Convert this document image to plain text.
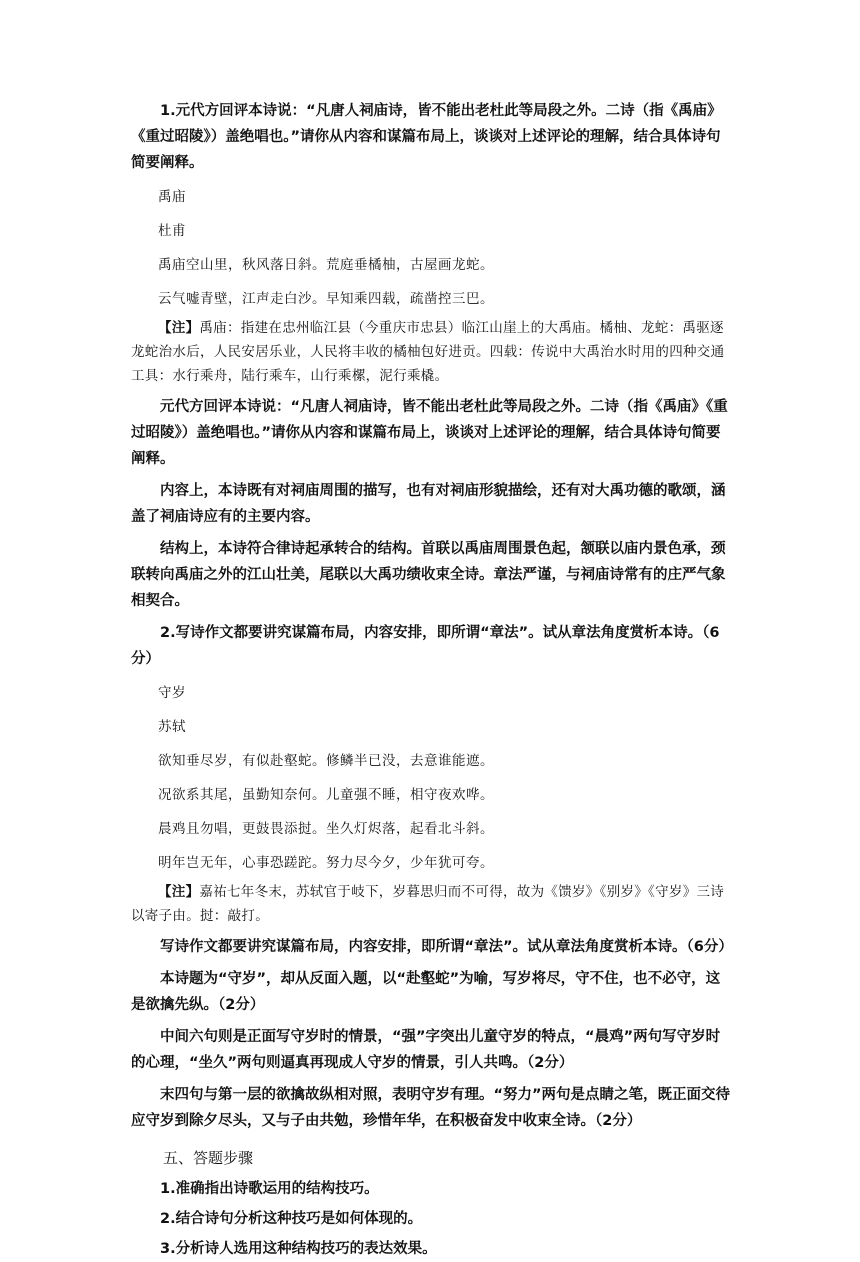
1.元代方回评本诗说：“凡唐人祠庙诗，皆不能出老杜此等局段之外。二诗（指《禹庙》《重过昭陵》）盖绝唱也。”请你从内容和谋篇布局上，谈谈对上述评论的理解，结合具体诗句简要阐释。

禹庙

杜甫

禹庙空山里，秋风落日斜。荒庭垂橘柚，古屋画龙蛇。

云气嘘青壁，江声走白沙。早知乘四载，疏凿控三巴。

【注】禹庙：指建在忠州临江县（今重庆市忠县）临江山崖上的大禹庙。橘柚、龙蛇：禹驱逐龙蛇治水后，人民安居乐业，人民将丰收的橘柚包好进贡。四载：传说中大禹治水时用的四种交通工具：水行乘舟，陆行乘车，山行乘樏，泥行乘橇。

元代方回评本诗说：“凡唐人祠庙诗，皆不能出老杜此等局段之外。二诗（指《禹庙》《重过昭陵》）盖绝唱也。”请你从内容和谋篇布局上，谈谈对上述评论的理解，结合具体诗句简要阐释。

内容上，本诗既有对祠庙周围的描写，也有对祠庙形貌描绘，还有对大禹功德的歌颂，涵盖了祠庙诗应有的主要内容。

结构上，本诗符合律诗起承转合的结构。首联以禹庙周围景色起，颔联以庙内景色承，颈联转向禹庙之外的江山壮美，尾联以大禹功绩收束全诗。章法严谨，与祠庙诗常有的庄严气象相契合。

2.写诗作文都要讲究谋篇布局，内容安排，即所谓“章法”。试从章法角度赏析本诗。（6分）

守岁

苏轼

欲知垂尽岁，有似赴壑蛇。修鳞半已没，去意谁能遮。

况欲系其尾，虽勤知奈何。儿童强不睡，相守夜欢哗。

晨鸡且勿唱，更鼓畏添挝。坐久灯烬落，起看北斗斜。

明年岂无年，心事恐蹉跎。努力尽今夕，少年犹可夸。

【注】嘉祐七年冬末，苏轼官于岐下，岁暮思归而不可得，故为《馈岁》《别岁》《守岁》三诗以寄子由。挝：敲打。

写诗作文都要讲究谋篇布局，内容安排，即所谓“章法”。试从章法角度赏析本诗。（6分）

本诗题为“守岁”，却从反面入题，以“赴壑蛇”为喻，写岁将尽，守不住，也不必守，这是欲擒先纵。（2分）

中间六句则是正面写守岁时的情景，“强”字突出儿童守岁的特点，“晨鸡”两句写守岁时的心理，“坐久”两句则逼真再现成人守岁的情景，引人共鸣。（2分）

末四句与第一层的欲擒故纵相对照，表明守岁有理。“努力”两句是点睛之笔，既正面交待应守岁到除夕尽头，又与子由共勉，珍惜年华，在积极奋发中收束全诗。（2分）

五、答题步骤

1.准确指出诗歌运用的结构技巧。

2.结合诗句分析这种技巧是如何体现的。

3.分析诗人选用这种结构技巧的表达效果。
